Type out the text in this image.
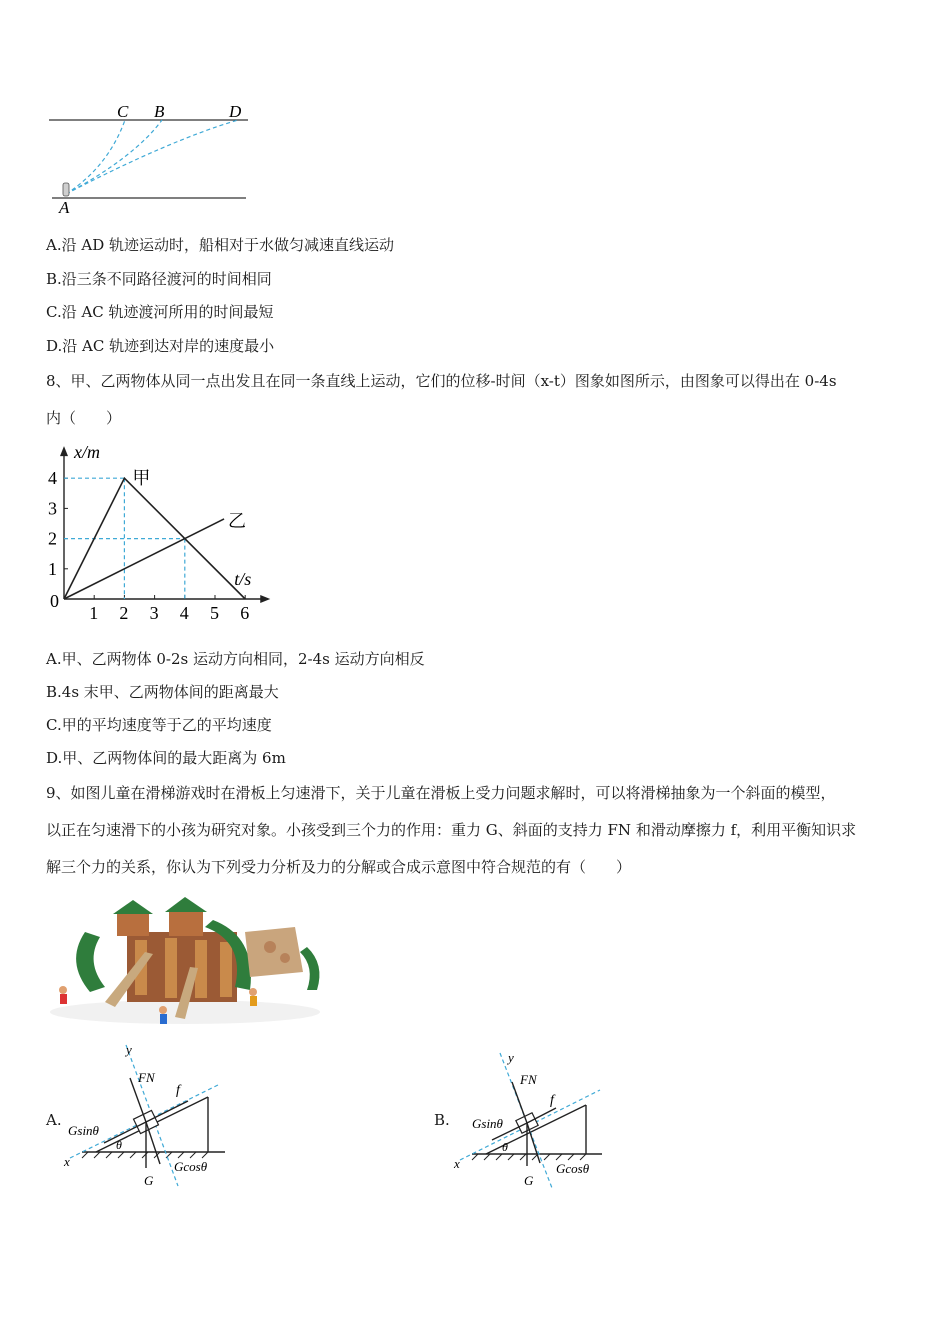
C B	D
A
A.沿 AD 轨迹运动时，船相对于水做匀减速直线运动
B.沿三条不同路径渡河的时间相同
C.沿 AC 轨迹渡河所用的时间最短
D.沿 AC 轨迹到达对岸的速度最小
8、甲、乙两物体从同一点出发且在同一条直线上运动，它们的位移-时间（x-t）图象如图所示，由图象可以得出在 0-4s
内（　　）
x/m
t/s
0
1 2 3 4 5 6
1
2
3
4	甲
乙
A.甲、乙两物体 0-2s 运动方向相同，2-4s 运动方向相反
B.4s 末甲、乙两物体间的距离最大
C.甲的平均速度等于乙的平均速度
D.甲、乙两物体间的最大距离为 6m
9、如图儿童在滑梯游戏时在滑板上匀速滑下，关于儿童在滑板上受力问题求解时，可以将滑梯抽象为一个斜面的模型，
以正在匀速滑下的小孩为研究对象。小孩受到三个力的作用：重力 G、斜面的支持力 FN 和滑动摩擦力 f，利用平衡知识求
解三个力的关系，你认为下列受力分析及力的分解或合成示意图中符合规范的有（　　）
A.
y
FN
f
Gsinθ
θ
x	Gcosθ
G
B.
y
FN
f
Gsinθ
θ
x	Gcosθ
G
